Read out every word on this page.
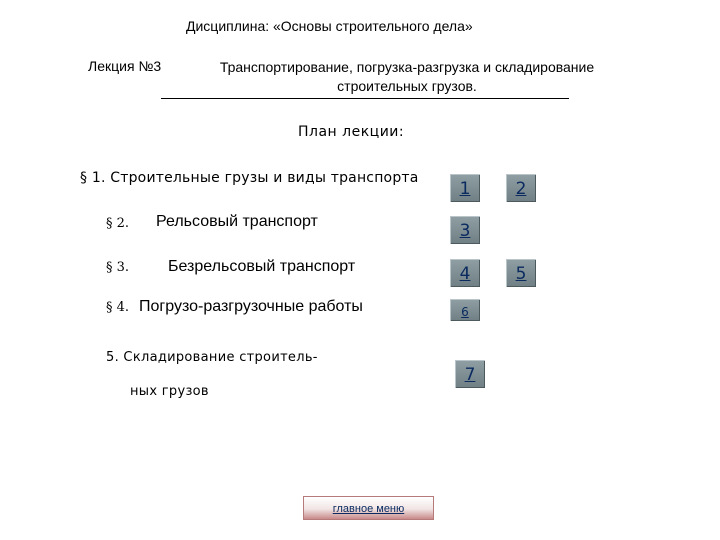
Дисциплина: «Основы строительного дела»
Лекция №3	Транспортирование, погрузка-разгрузка и складирование
строительных грузов.
План лекции:
§ 1. Строительные грузы и виды транспорта
§ 2. Рельсовый транспорт
§ 3. Безрельсовый транспорт
§ 4. Погрузо-разгрузочные работы
5. Складирование строитель-
ных грузов
1	2
3
4	5
6
7
главное меню
